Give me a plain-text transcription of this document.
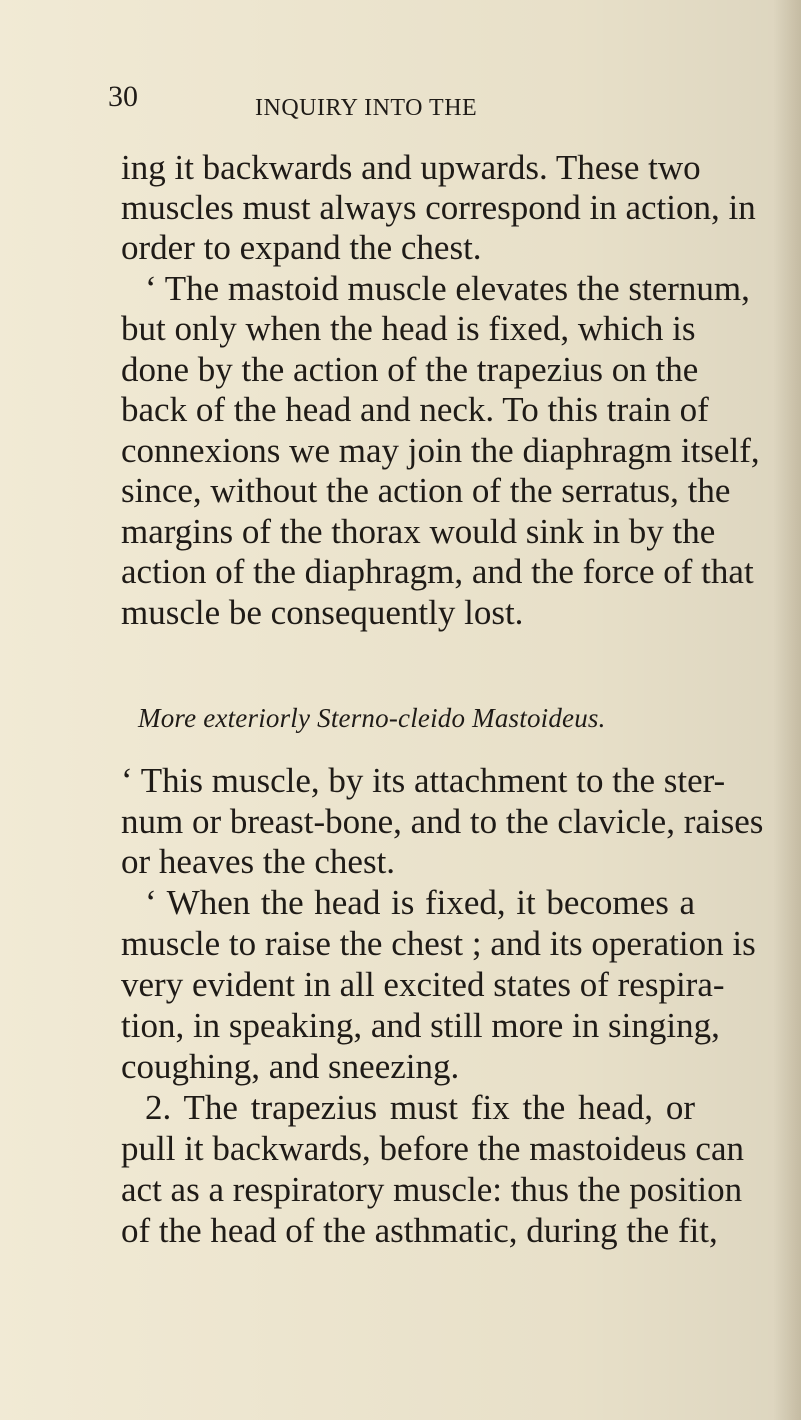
30	INQUIRY INTO THE
ing it backwards and upwards. These two
muscles must always correspond in action, in
order to expand the chest.
‘ The mastoid muscle elevates the sternum,
but only when the head is fixed, which is
done by the action of the trapezius on the
back of the head and neck. To this train of
connexions we may join the diaphragm itself,
since, without the action of the serratus, the
margins of the thorax would sink in by the
action of the diaphragm, and the force of that
muscle be consequently lost.
‘ This muscle, by its attachment to the ster-
num or breast-bone, and to the clavicle, raises
or heaves the chest.
‘ When the head is fixed, it becomes a
muscle to raise the chest ; and its operation is
very evident in all excited states of respira-
tion, in speaking, and still more in singing,
coughing, and sneezing.
2. The trapezius must fix the head, or
pull it backwards, before the mastoideus can
act as a respiratory muscle: thus the position
of the head of the asthmatic, during the fit,
More exteriorly Sterno-cleido Mastoideus.
